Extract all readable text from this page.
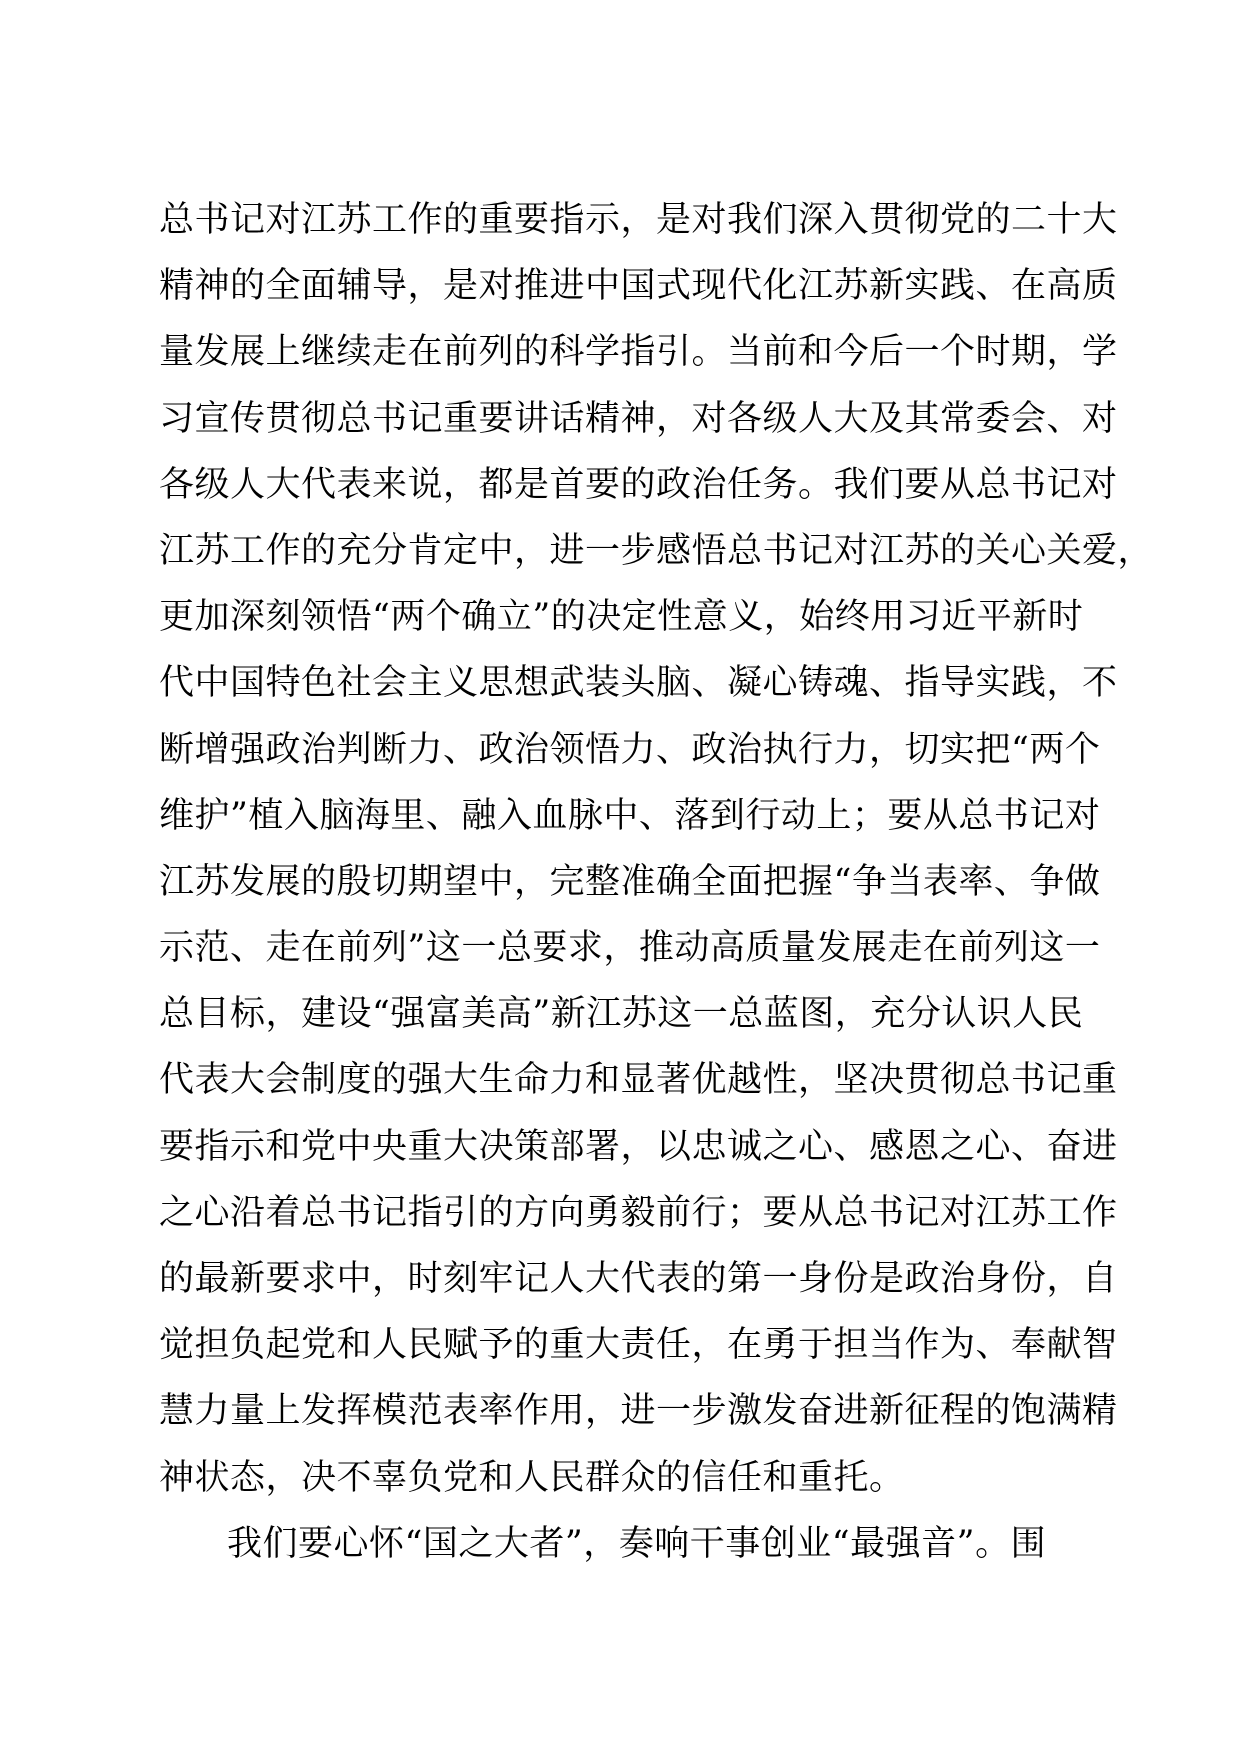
总书记对江苏工作的重要指示，是对我们深入贯彻党的二十大
精神的全面辅导，是对推进中国式现代化江苏新实践、在高质
量发展上继续走在前列的科学指引。当前和今后一个时期，学
习宣传贯彻总书记重要讲话精神，对各级人大及其常委会、对
各级人大代表来说，都是首要的政治任务。我们要从总书记对
江苏工作的充分肯定中，进一步感悟总书记对江苏的关心关爱，
更加深刻领悟“两个确立”的决定性意义，始终用习近平新时
代中国特色社会主义思想武装头脑、凝心铸魂、指导实践，不
断增强政治判断力、政治领悟力、政治执行力，切实把“两个
维护”植入脑海里、融入血脉中、落到行动上；要从总书记对
江苏发展的殷切期望中，完整准确全面把握“争当表率、争做
示范、走在前列”这一总要求，推动高质量发展走在前列这一
总目标，建设“强富美高”新江苏这一总蓝图，充分认识人民
代表大会制度的强大生命力和显著优越性，坚决贯彻总书记重
要指示和党中央重大决策部署，以忠诚之心、感恩之心、奋进
之心沿着总书记指引的方向勇毅前行；要从总书记对江苏工作
的最新要求中，时刻牢记人大代表的第一身份是政治身份，自
觉担负起党和人民赋予的重大责任，在勇于担当作为、奉献智
慧力量上发挥模范表率作用，进一步激发奋进新征程的饱满精
神状态，决不辜负党和人民群众的信任和重托。
我们要心怀“国之大者”，奏响干事创业“最强音”。围
